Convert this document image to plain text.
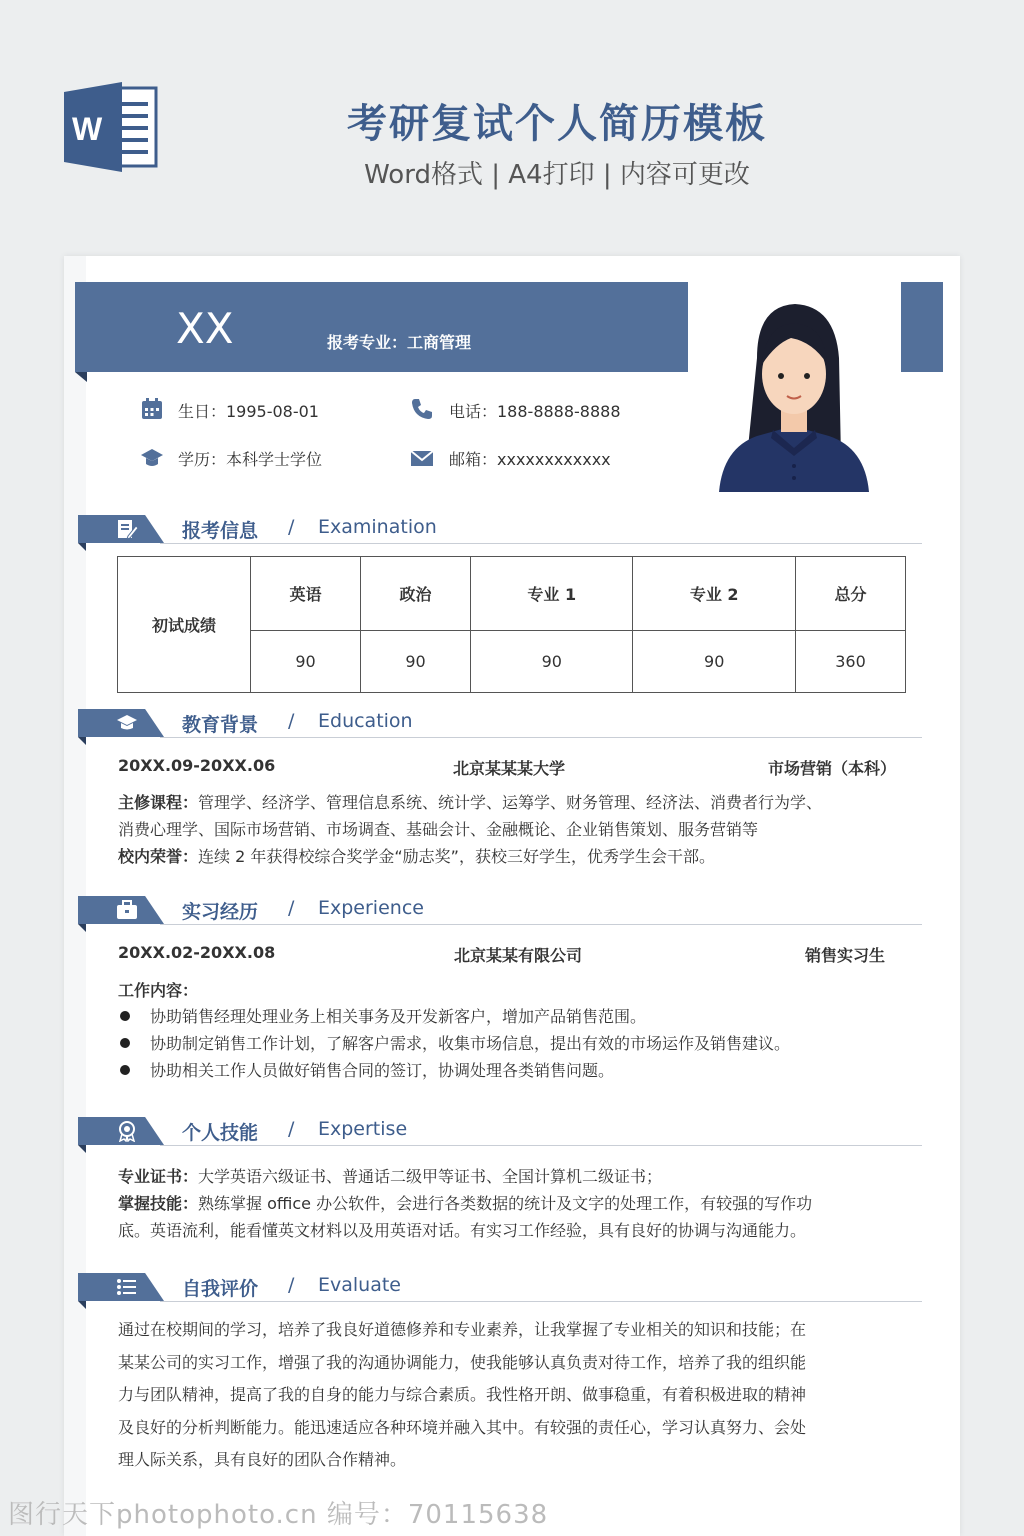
W	考研复试个人简历模板
Word格式 | A4打印 | 内容可更改
XX	报考专业：工商管理
生日：1995-08-01	电话：188-8888-8888
学历：本科学士学位	邮箱：xxxxxxxxxxxx
报考信息 / Examination
初试成绩	英语	政治	专业 1	专业 2	总分
	90	90	90	90	360
教育背景 / Education
20XX.09-20XX.06	北京某某某大学	市场营销（本科）
主修课程：管理学、经济学、管理信息系统、统计学、运筹学、财务管理、经济法、消费者行为学、
消费心理学、国际市场营销、市场调查、基础会计、金融概论、企业销售策划、服务营销等
校内荣誉：连续 2 年获得校综合奖学金“励志奖”，获校三好学生，优秀学生会干部。
实习经历 / Experience
20XX.02-20XX.08	北京某某有限公司	销售实习生
工作内容：
协助销售经理处理业务上相关事务及开发新客户，增加产品销售范围。
协助制定销售工作计划，了解客户需求，收集市场信息，提出有效的市场运作及销售建议。
协助相关工作人员做好销售合同的签订，协调处理各类销售问题。
个人技能 / Expertise
专业证书：大学英语六级证书、普通话二级甲等证书、全国计算机二级证书；
掌握技能：熟练掌握 office 办公软件，会进行各类数据的统计及文字的处理工作，有较强的写作功
底。英语流利，能看懂英文材料以及用英语对话。有实习工作经验，具有良好的协调与沟通能力。
自我评价 / Evaluate
通过在校期间的学习，培养了我良好道德修养和专业素养，让我掌握了专业相关的知识和技能；在
某某公司的实习工作，增强了我的沟通协调能力，使我能够认真负责对待工作，培养了我的组织能
力与团队精神，提高了我的自身的能力与综合素质。我性格开朗、做事稳重，有着积极进取的精神
及良好的分析判断能力。能迅速适应各种环境并融入其中。有较强的责任心，学习认真努力、会处
理人际关系，具有良好的团队合作精神。
图行天下photophoto.cn 编号：70115638
